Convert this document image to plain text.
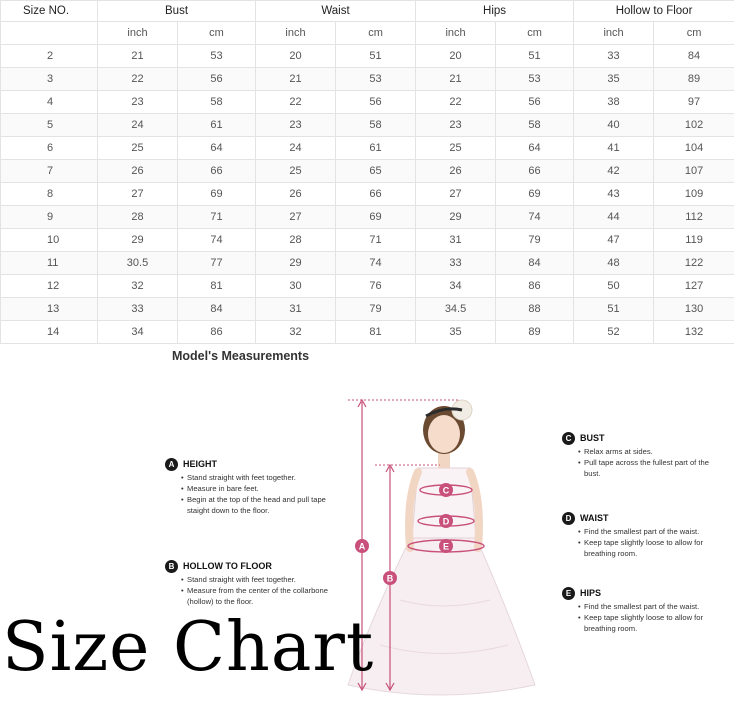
Size NO.	Bust		Waist		Hips		Hollow to Floor	
	inch	cm	inch	cm	inch	cm	inch	cm
2	21	53	20	51	20	51	33	84
3	22	56	21	53	21	53	35	89
4	23	58	22	56	22	56	38	97
5	24	61	23	58	23	58	40	102
6	25	64	24	61	25	64	41	104
7	26	66	25	65	26	66	42	107
8	27	69	26	66	27	69	43	109
9	28	71	27	69	29	74	44	112
10	29	74	28	71	31	79	47	119
11	30.5	77	29	74	33	84	48	122
12	32	81	30	76	34	86	50	127
13	33	84	31	79	34.5	88	51	130
14	34	86	32	81	35	89	52	132
Model's Measurements
A HEIGHT
• Stand straight with feet together.
• Measure in bare feet.
• Begin at the top of the head and pull tape staight down to the floor.
B HOLLOW TO FLOOR
• Stand straight with feet together.
• Measure from the center of the collarbone (hollow) to the floor.
C BUST
• Relax arms at sides.
• Pull tape across the fullest part of the bust.
D WAIST
• Find the smallest part of the waist.
• Keep tape slightly loose to allow for breathing room.
E HIPS
• Find the smallest part of the waist.
• Keep tape slightly loose to allow for breathing room.
A
B
C
D
E
Size Chart
